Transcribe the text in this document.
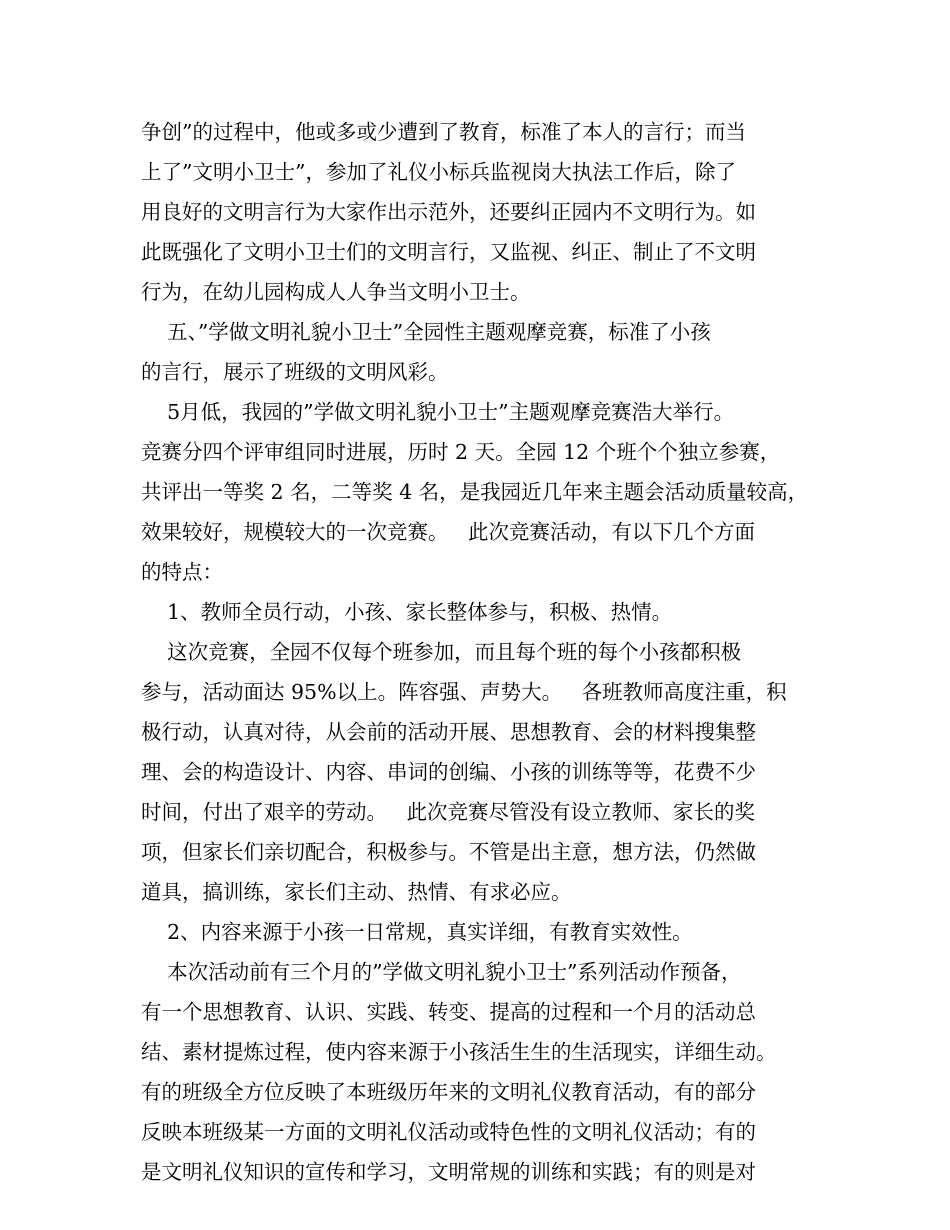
争创”的过程中，他或多或少遭到了教育，标准了本人的言行；而当
上了”文明小卫士”，参加了礼仪小标兵监视岗大执法工作后，除了
用良好的文明言行为大家作出示范外，还要纠正园内不文明行为。如
此既强化了文明小卫士们的文明言行，又监视、纠正、制止了不文明
行为，在幼儿园构成人人争当文明小卫士。
五、”学做文明礼貌小卫士”全园性主题观摩竞赛，标准了小孩
的言行，展示了班级的文明风彩。
5月低，我园的”学做文明礼貌小卫士”主题观摩竞赛浩大举行。
竞赛分四个评审组同时进展，历时 2 天。全园 12 个班个个独立参赛，
共评出一等奖 2 名，二等奖 4 名，是我园近几年来主题会活动质量较高，
效果较好，规模较大的一次竞赛。   此次竞赛活动，有以下几个方面
的特点：
1、教师全员行动，小孩、家长整体参与，积极、热情。
这次竞赛，全园不仅每个班参加，而且每个班的每个小孩都积极
参与，活动面达 95%以上。阵容强、声势大。   各班教师高度注重，积
极行动，认真对待，从会前的活动开展、思想教育、会的材料搜集整
理、会的构造设计、内容、串词的创编、小孩的训练等等，花费不少
时间，付出了艰辛的劳动。   此次竞赛尽管没有设立教师、家长的奖
项，但家长们亲切配合，积极参与。不管是出主意，想方法，仍然做
道具，搞训练，家长们主动、热情、有求必应。
2、内容来源于小孩一日常规，真实详细，有教育实效性。
本次活动前有三个月的”学做文明礼貌小卫士”系列活动作预备，
有一个思想教育、认识、实践、转变、提高的过程和一个月的活动总
结、素材提炼过程，使内容来源于小孩活生生的生活现实，详细生动。
有的班级全方位反映了本班级历年来的文明礼仪教育活动，有的部分
反映本班级某一方面的文明礼仪活动或特色性的文明礼仪活动；有的
是文明礼仪知识的宣传和学习，文明常规的训练和实践；有的则是对
